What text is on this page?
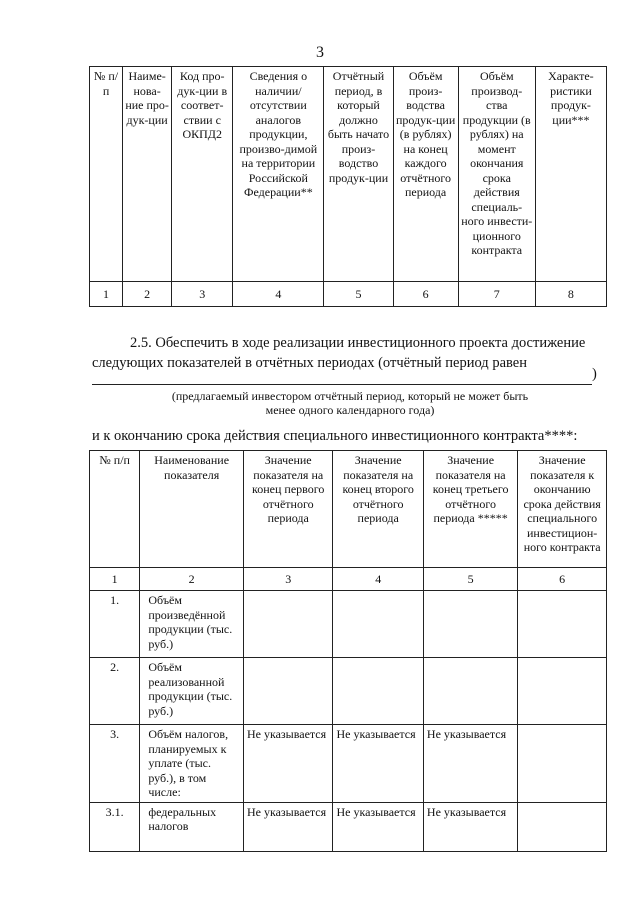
3
№ п/п	Наиме-нова-ние про-дук-ции	Код про-дук-ции в соответ-ствии с ОКПД2	Сведения о наличии/ отсутствии аналогов продукции, произво-димой на территории Российской Федерации**	Отчётный период, в который должно быть начато произ-водство продук-ции	Объём произ-водства продук-ции (в рублях) на конец каждого отчётного периода	Объём производ-ства продукции (в рублях) на момент окончания срока действия специаль-ного инвести-ционного контракта	Характе-ристики продук-ции***
1	2	3	4	5	6	7	8
2.5. Обеспечить в ходе реализации инвестиционного проекта достижение
следующих показателей в отчётных периодах (отчётный период равен
)
(предлагаемый инвестором отчётный период, который не может быть
менее одного календарного года)
и к окончанию срока действия специального инвестиционного контракта****:
№ п/п	Наименование показателя	Значение показателя на конец первого отчётного периода	Значение показателя на конец второго отчётного периода	Значение показателя на конец третьего отчётного периода *****	Значение показателя к окончанию срока действия специального инвестицион-ного контракта
1	2	3	4	5	6
1.	Объём произведённой продукции (тыс. руб.)				
2.	Объём реализованной продукции (тыс. руб.)				
3.	Объём налогов, планируемых к уплате (тыс. руб.), в том числе:	Не указывается	Не указывается	Не указывается	
3.1.	федеральных налогов	Не указывается	Не указывается	Не указывается	
